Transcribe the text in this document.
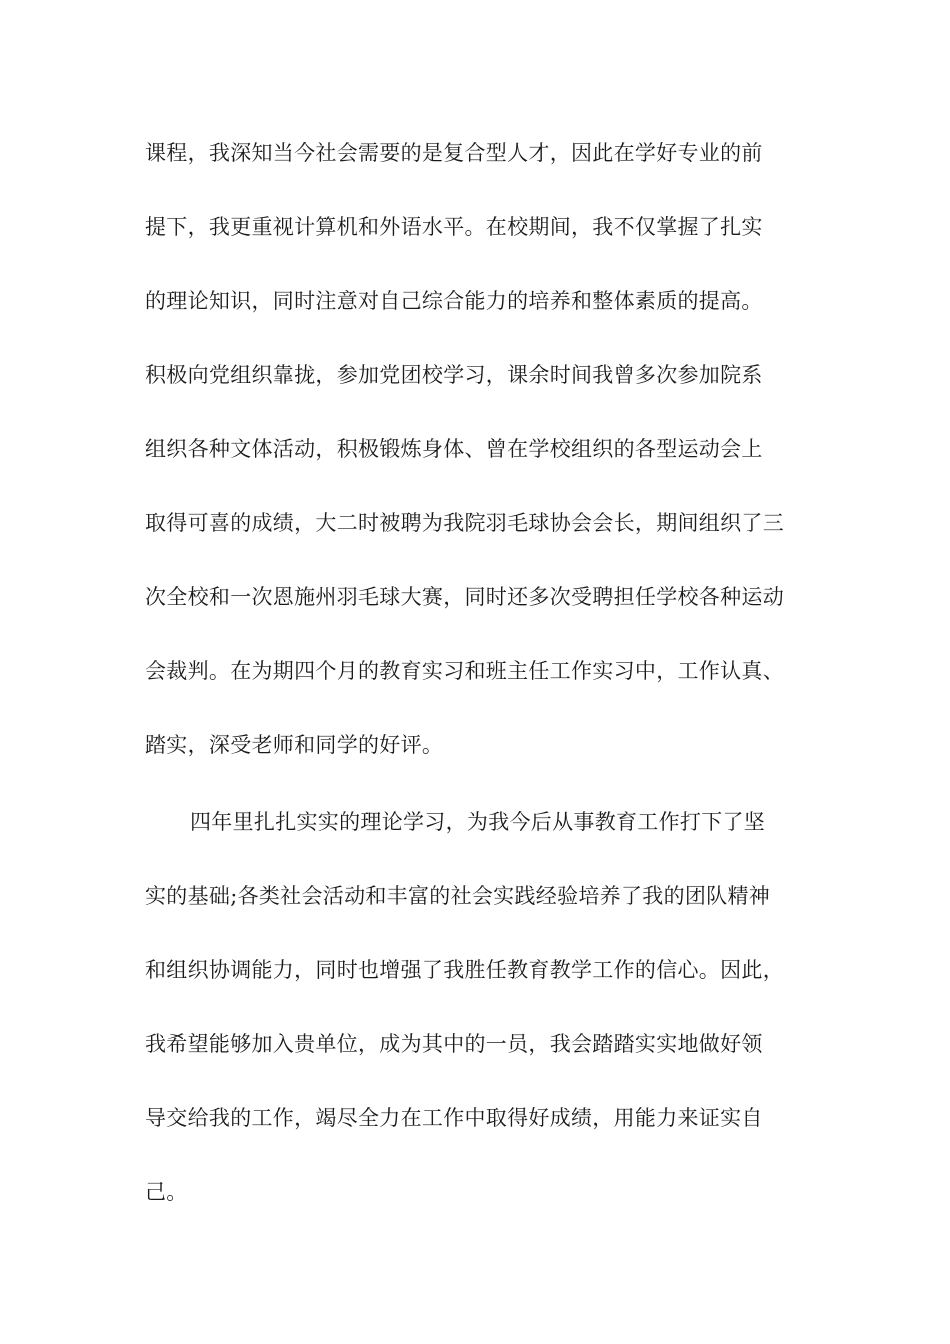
课程，我深知当今社会需要的是复合型人才，因此在学好专业的前
提下，我更重视计算机和外语水平。在校期间，我不仅掌握了扎实
的理论知识，同时注意对自己综合能力的培养和整体素质的提高。
积极向党组织靠拢，参加党团校学习，课余时间我曾多次参加院系
组织各种文体活动，积极锻炼身体、曾在学校组织的各型运动会上
取得可喜的成绩，大二时被聘为我院羽毛球协会会长，期间组织了三
次全校和一次恩施州羽毛球大赛，同时还多次受聘担任学校各种运动
会裁判。在为期四个月的教育实习和班主任工作实习中，工作认真、
踏实，深受老师和同学的好评。
四年里扎扎实实的理论学习，为我今后从事教育工作打下了坚
实的基础;各类社会活动和丰富的社会实践经验培养了我的团队精神
和组织协调能力，同时也增强了我胜任教育教学工作的信心。因此，
我希望能够加入贵单位，成为其中的一员，我会踏踏实实地做好领
导交给我的工作，竭尽全力在工作中取得好成绩，用能力来证实自
己。
